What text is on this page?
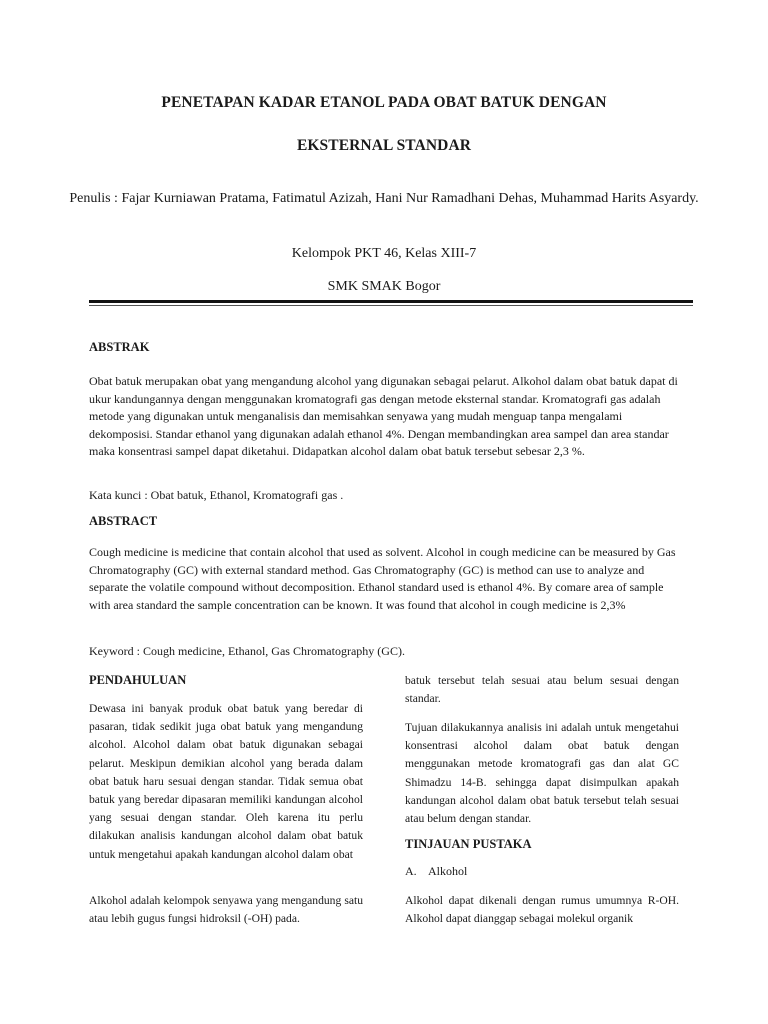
PENETAPAN KADAR ETANOL PADA OBAT BATUK DENGAN
EKSTERNAL STANDAR

Penulis : Fajar Kurniawan Pratama, Fatimatul Azizah, Hani Nur Ramadhani Dehas, Muhammad Harits Asyardy.

Kelompok PKT 46, Kelas XIII-7

SMK SMAK Bogor

ABSTRAK

Obat batuk merupakan obat yang mengandung alcohol yang digunakan sebagai pelarut. Alkohol dalam obat batuk dapat di ukur kandungannya dengan menggunakan kromatografi gas dengan metode eksternal standar. Kromatografi gas adalah metode yang digunakan untuk menganalisis dan memisahkan senyawa yang mudah menguap tanpa mengalami dekomposisi. Standar ethanol yang digunakan adalah ethanol 4%. Dengan membandingkan area sampel dan area standar maka konsentrasi sampel dapat diketahui. Didapatkan alcohol dalam obat batuk tersebut sebesar 2,3 %.

Kata kunci : Obat batuk, Ethanol, Kromatografi gas .

ABSTRACT

Cough medicine is medicine that contain alcohol that used as solvent. Alcohol in cough medicine can be measured by Gas Chromatography (GC) with external standard method. Gas Chromatography (GC) is method can use to analyze and separate the volatile compound without decomposition. Ethanol standard used is ethanol 4%. By comare area of sample with area standard the sample concentration can be known. It was found that alcohol in cough medicine is 2,3%

Keyword : Cough medicine, Ethanol, Gas Chromatography (GC).

PENDAHULUAN

Dewasa ini banyak produk obat batuk yang beredar di pasaran, tidak sedikit juga obat batuk yang mengandung alcohol. Alcohol dalam obat batuk digunakan sebagai pelarut. Meskipun demikian alcohol yang berada dalam obat batuk haru sesuai dengan standar. Tidak semua obat batuk yang beredar dipasaran memiliki kandungan alcohol yang sesuai dengan standar. Oleh karena itu perlu dilakukan analisis kandungan alcohol dalam obat batuk untuk mengetahui apakah kandungan alcohol dalam obat

Alkohol adalah kelompok senyawa yang mengandung satu atau lebih gugus fungsi hidroksil (-OH) pada.

batuk tersebut telah sesuai atau belum sesuai dengan standar.

Tujuan dilakukannya analisis ini adalah untuk mengetahui konsentrasi alcohol dalam obat batuk dengan menggunakan metode kromatografi gas dan alat GC Shimadzu 14-B. sehingga dapat disimpulkan apakah kandungan alcohol dalam obat batuk tersebut telah sesuai atau belum dengan standar.

TINJAUAN PUSTAKA

A. Alkohol

Alkohol dapat dikenali dengan rumus umumnya R-OH. Alkohol dapat dianggap sebagai molekul organik
